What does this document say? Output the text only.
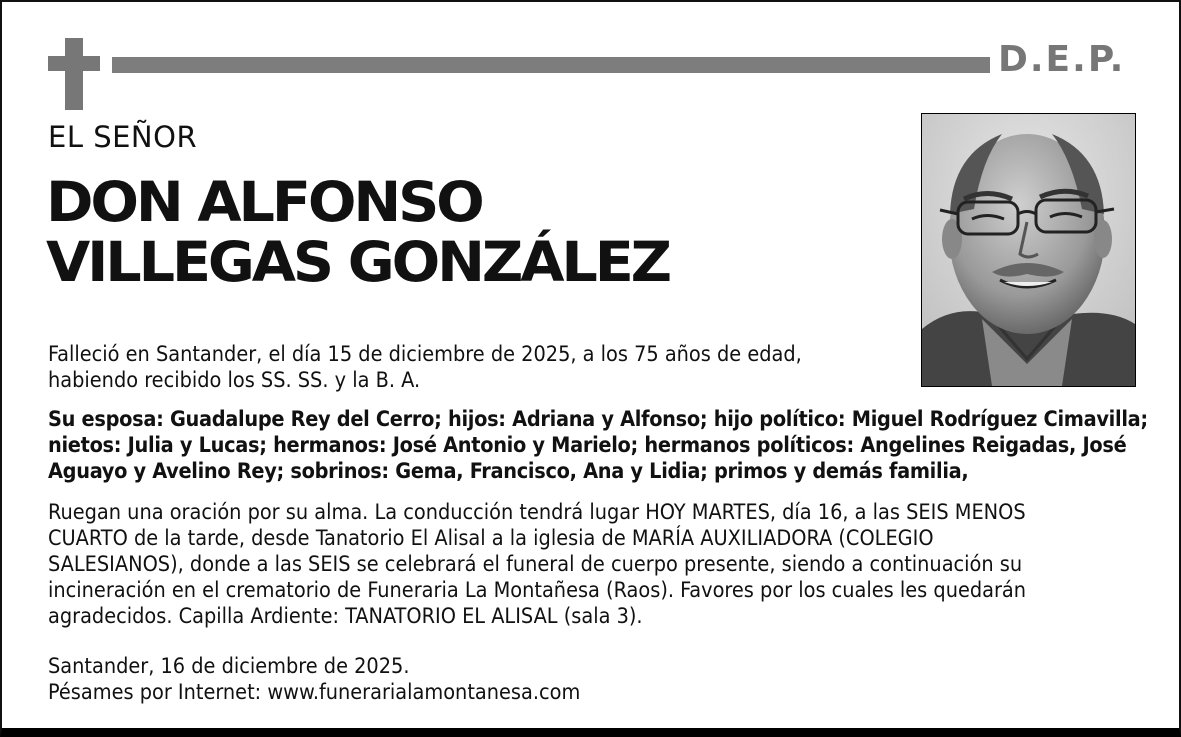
D.E.P.
EL SEÑOR
DON ALFONSO
VILLEGAS GONZÁLEZ

Falleció en Santander, el día 15 de diciembre de 2025, a los 75 años de edad,
habiendo recibido los SS. SS. y la B. A.

Su esposa: Guadalupe Rey del Cerro; hijos: Adriana y Alfonso; hijo político: Miguel Rodríguez Cimavilla;
nietos: Julia y Lucas; hermanos: José Antonio y Marielo; hermanos políticos: Angelines Reigadas, José
Aguayo y Avelino Rey; sobrinos: Gema, Francisco, Ana y Lidia; primos y demás familia,

Ruegan una oración por su alma. La conducción tendrá lugar HOY MARTES, día 16, a las SEIS MENOS
CUARTO de la tarde, desde Tanatorio El Alisal a la iglesia de MARÍA AUXILIADORA (COLEGIO
SALESIANOS), donde a las SEIS se celebrará el funeral de cuerpo presente, siendo a continuación su
incineración en el crematorio de Funeraria La Montañesa (Raos). Favores por los cuales les quedarán
agradecidos. Capilla Ardiente: TANATORIO EL ALISAL (sala 3).

Santander, 16 de diciembre de 2025.
Pésames por Internet: www.funerarialamontanesa.com
